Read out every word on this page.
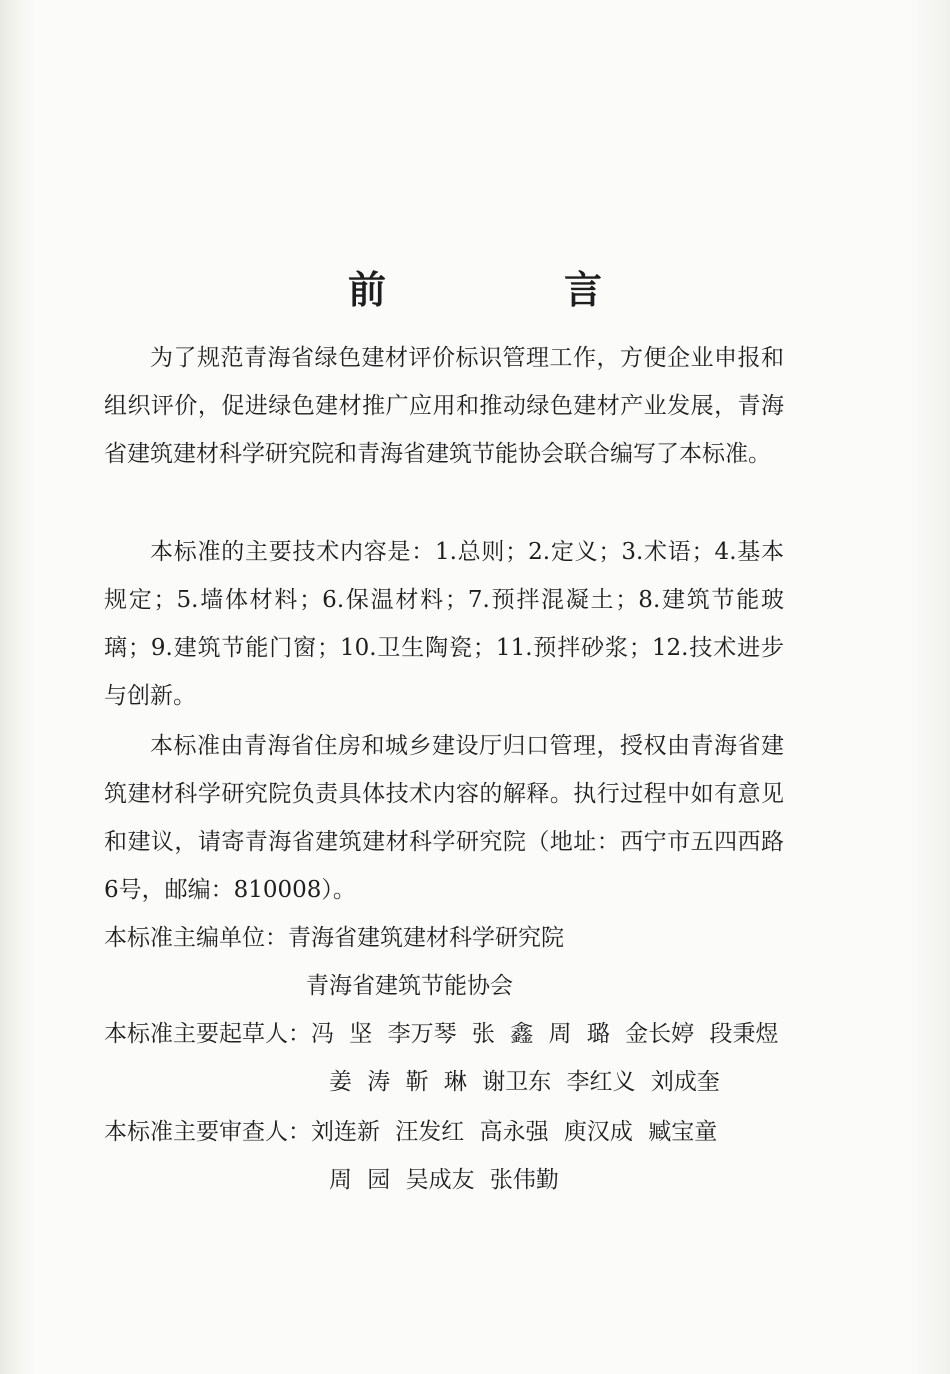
前　言

为了规范青海省绿色建材评价标识管理工作，方便企业申报和组织评价，促进绿色建材推广应用和推动绿色建材产业发展，青海省建筑建材科学研究院和青海省建筑节能协会联合编写了本标准。

本标准的主要技术内容是：1.总则；2.定义；3.术语；4.基本规定；5.墙体材料；6.保温材料；7.预拌混凝土；8.建筑节能玻璃；9.建筑节能门窗；10.卫生陶瓷；11.预拌砂浆；12.技术进步与创新。

本标准由青海省住房和城乡建设厅归口管理，授权由青海省建筑建材科学研究院负责具体技术内容的解释。执行过程中如有意见和建议，请寄青海省建筑建材科学研究院（地址：西宁市五四西路6号，邮编：810008）。

本标准主编单位：青海省建筑建材科学研究院
青海省建筑节能协会
本标准主要起草人：冯 坚 李万琴 张 鑫 周 璐 金长婷 段秉煜
姜 涛 靳 琳 谢卫东 李红义 刘成奎
本标准主要审查人：刘连新 汪发红 高永强 庾汉成 臧宝童
周 园 吴成友 张伟勤
